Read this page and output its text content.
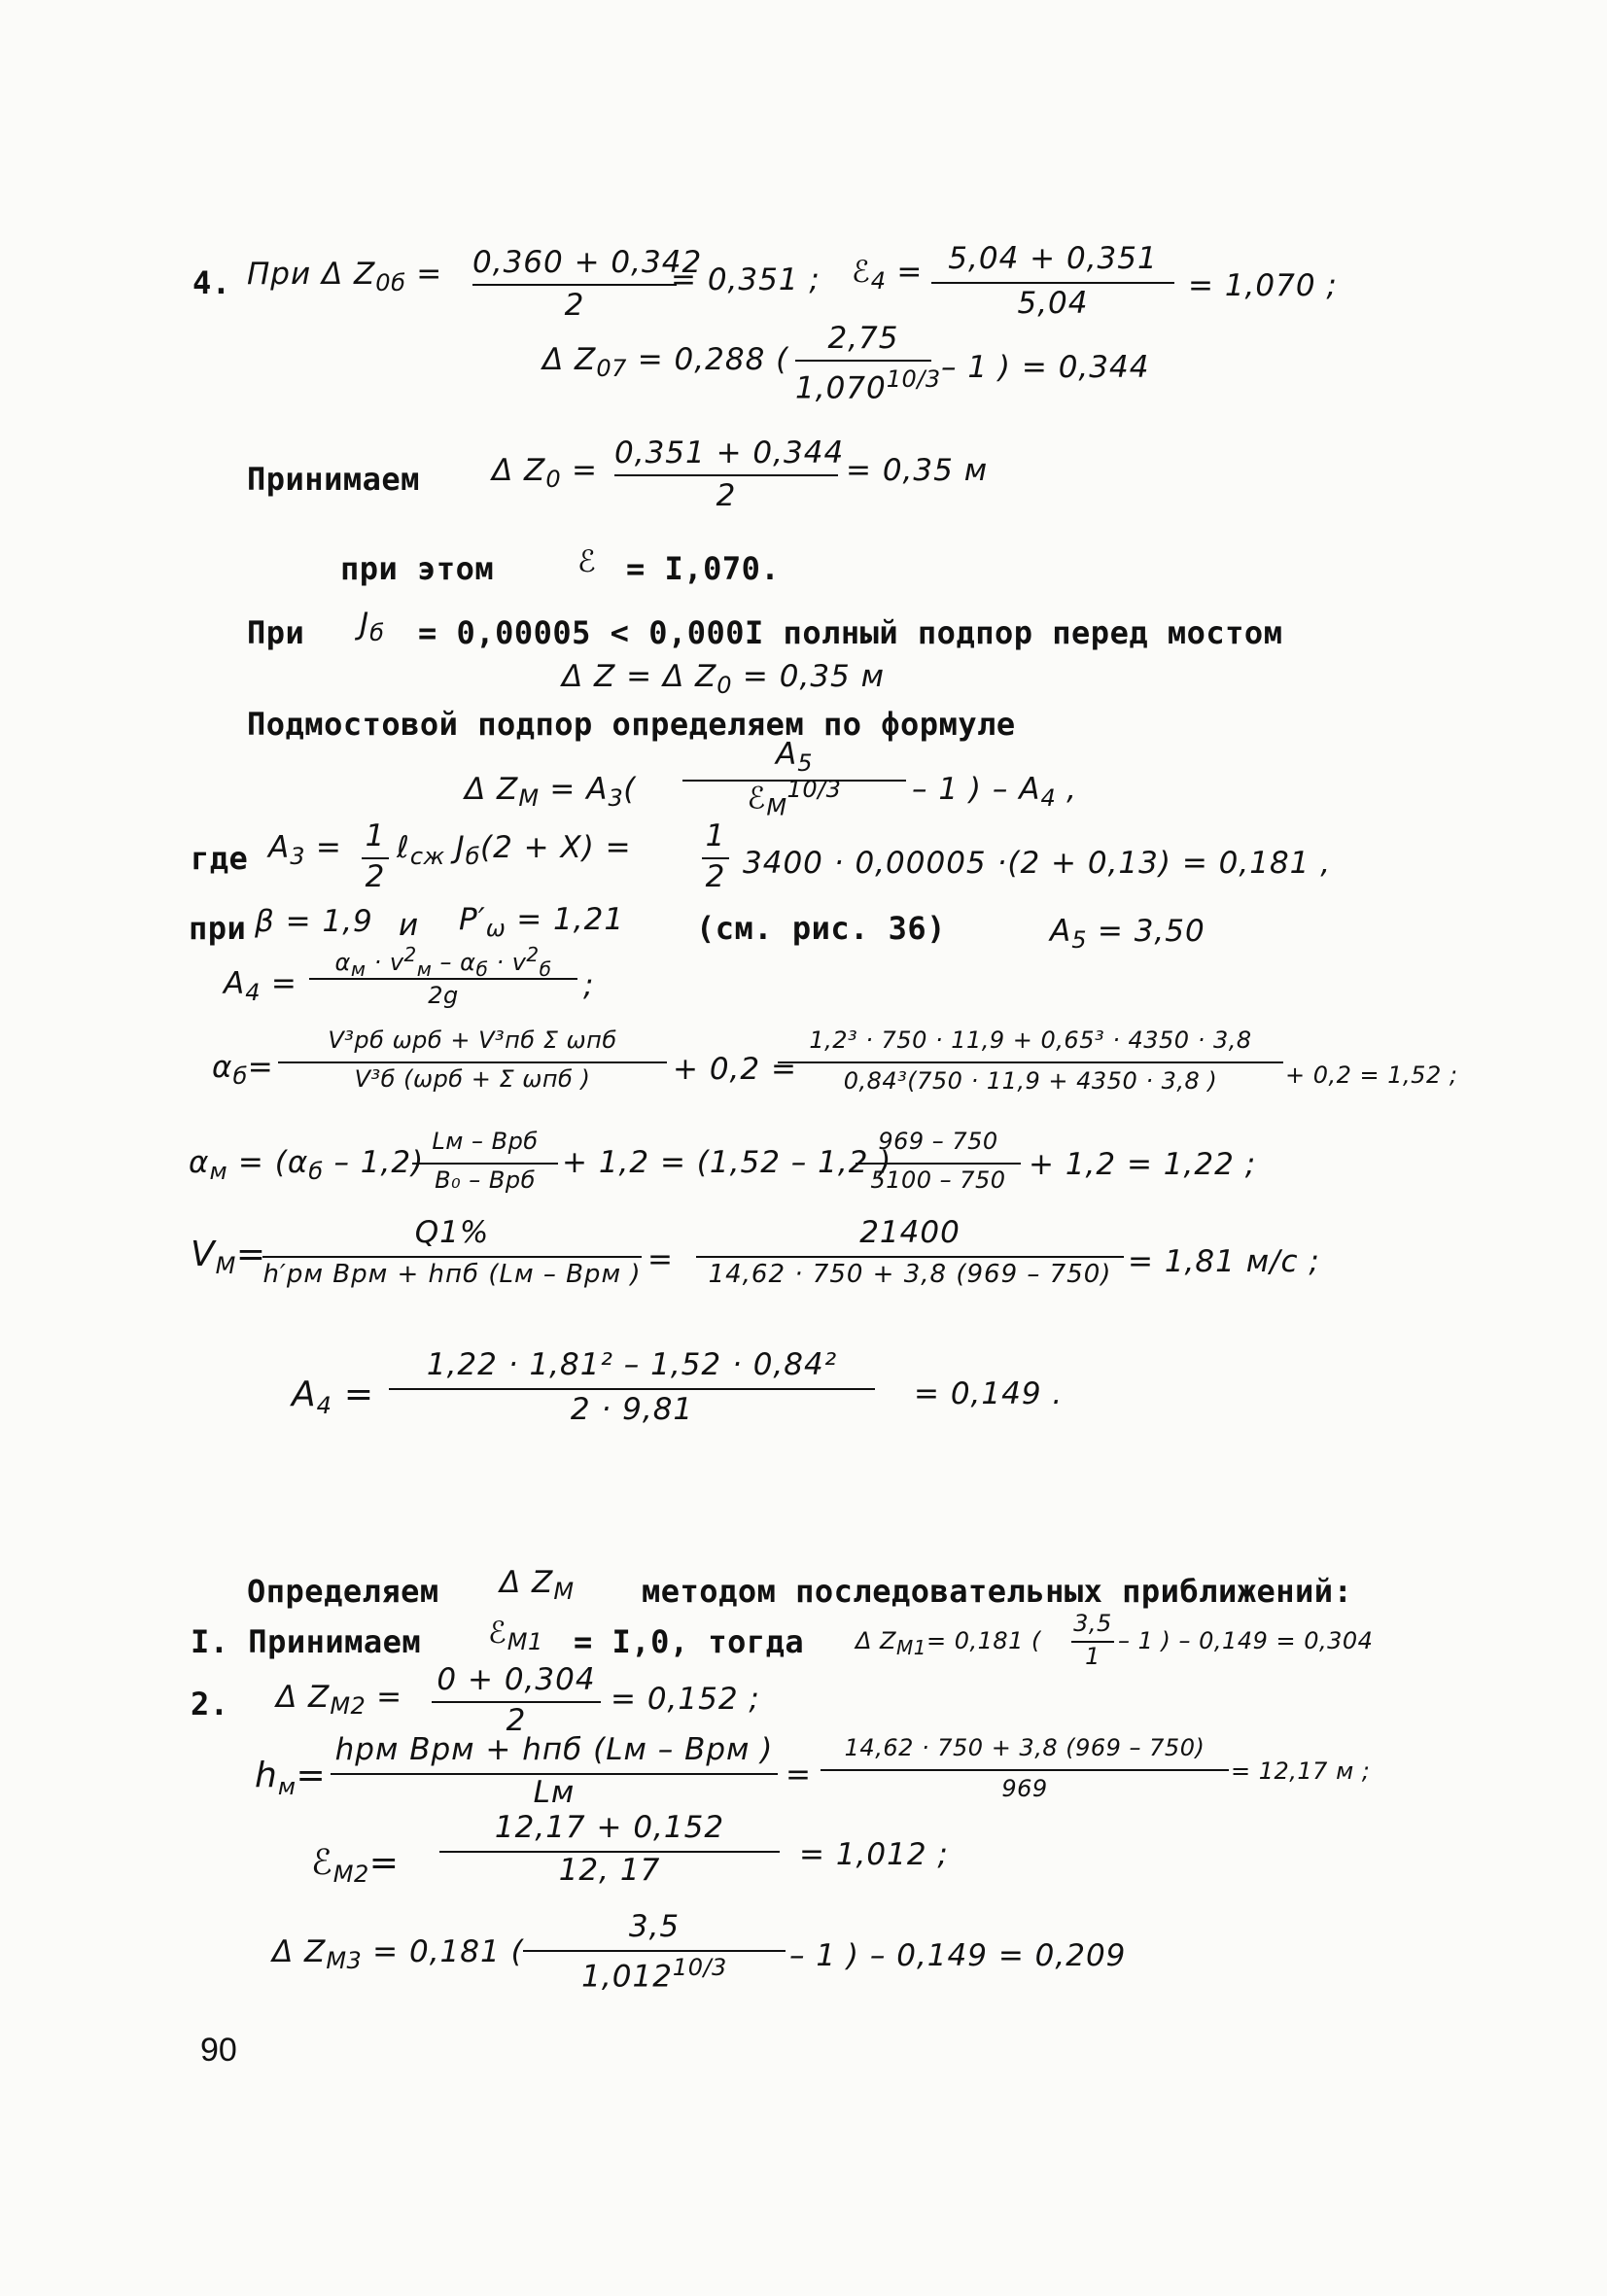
4. При Δ $Z_{0б} = 0,360 + 0,342$
2
= 0,351 ; ℰ$_4$ = 5,04 + 0,351
5,04	= 1,070 ;
Δ $Z_{07} = 0,288$ (
2,75
$1,070^{10/3} - 1$ ) = 0,344
Принимаем Δ $Z_0 = 0,351 + 0,344$
2
= 0,35 м
при этом	ℰ = I,070.
При $J_б = 0,00005 < 0,000I$ полный подпор перед мостом
Δ Z = Δ $Z_0 = 0,35$ м
Подмостовой подпор определяем по формуле
Δ $Z_М = A_3$(
$A_5$
ℰ$_М^{10/3}$	– 1 ) – $A_4$ ,
где $A_3 = 1$
2
ℓ$_{сж}$ $J_б(2 + X) = 1$
2 3400 · 0,00005 ·(2 + 0,13) = 0,181 ,
при β = 1,9 и $P'_\omega = 1,21$ (см. рис. 36)	$A_5 = 3,50$
$A_4$ =
$\alpha_м \cdot v^2_м - \alpha_б \cdot v^2_б$
2g	;
$\alpha_б=$
V³рб ωрб + V³пб Σ ωпб
V³б (ωрб + Σ ωпб )	+ 0,2 =
1,2³ · 750 · 11,9 + 0,65³ · 4350 · 3,8
0,84³(750 · 11,9 + 4350 · 3,8 )	+ 0,2 = 1,52 ;
$\alpha_м = (\alpha_б - 1,2)$
Lм – Bрб
B₀ – Bрб + 1,2 = (1,52 – 1,2 )
969 – 750
5100 – 750 + 1,2 = 1,22 ;
$V_М=$
Q1%
h′рм Bрм + hпб (Lм – Bрм ) =
21400
14,62 · 750 + 3,8 (969 – 750) = 1,81 м/с ;
$A_4$ =
1,22 · 1,81² – 1,52 · 0,84²
2 · 9,81	= 0,149 .
Определяем Δ $Z_М$ методом последовательных приближений:
I. Принимаем ℰ$_{М1}$ = I,0, тогда Δ $Z_{М1}= 0,181$ (
3,5
1
– 1 ) – 0,149 = 0,304
2. Δ $Z_{М2} = 0 + 0,304$
2
= 0,152 ;
$h_м=$
hрм Bрм + hпб (Lм – Bрм )
Lм	=
14,62 · 750 + 3,8 (969 – 750)
969
= 12,17 м ;
ℰ$_{М2}$=
12,17 + 0,152
12, 17	= 1,012 ;
Δ $Z_{М3} = 0,181$ (
3,5
$1,012^{10/3}$	– 1 ) – 0,149 = 0,209
90
